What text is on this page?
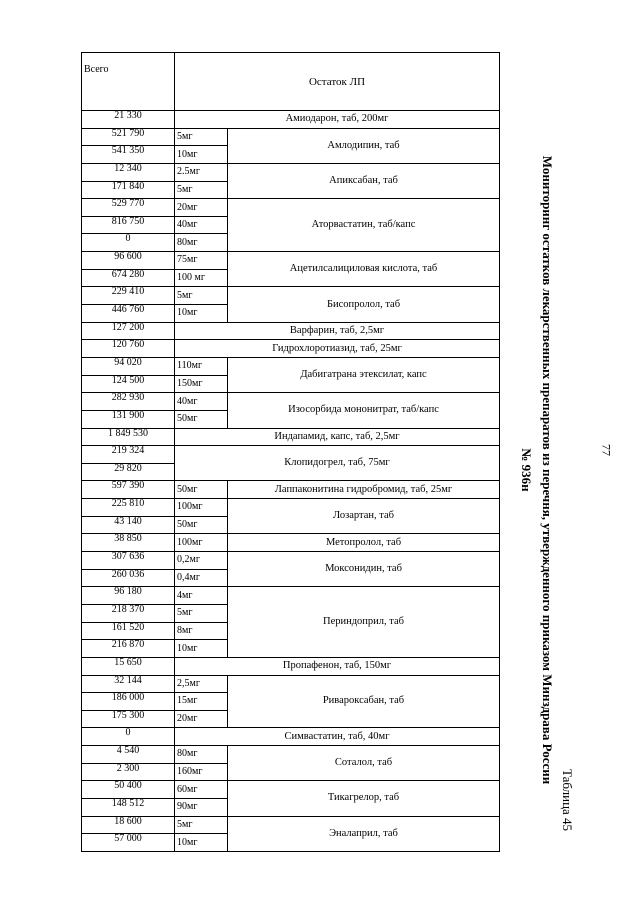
Всего	Остаток ЛП	
21 330	Амиодарон, таб, 200мг	
521 790	5мг	Амлодипин, таб
541 350	10мг	
12 340	2.5мг	Апиксабан, таб
171 840	5мг	
529 770	20мг	Аторвастатин, таб/капс
816 750	40мг	
0	80мг	
96 600	75мг	Ацетилсалициловая кислота, таб
674 280	100 мг	
229 410	5мг	Бисопролол, таб
446 760	10мг	
127 200	Варфарин, таб, 2,5мг	
120 760	Гидрохлоротиазид, таб, 25мг	
94 020	110мг	Дабигатрана этексилат, капс
124 500	150мг	
282 930	40мг	Изосорбида мононитрат, таб/капс
131 900	50мг	
1 849 530	Индапамид, капс, таб, 2,5мг	
219 324	Клопидогрел, таб, 75мг	
29 820		
597 390	50мг	Лаппаконитина гидробромид, таб, 25мг
225 810	100мг	Лозартан, таб
43 140	50мг	
38 850	100мг	Метопролол, таб
307 636	0,2мг	Моксонидин, таб
260 036	0,4мг	
96 180	4мг	Периндоприл, таб
218 370	5мг	
161 520	8мг	
216 870	10мг	
15 650	Пропафенон, таб, 150мг	
32 144	2,5мг	Ривароксабан, таб
186 000	15мг	
175 300	20мг	
0	Симвастатин, таб, 40мг	
4 540	80мг	Соталол, таб
2 300	160мг	
50 400	60мг	Тикагрелор, таб
148 512	90мг	
18 600	5мг	Эналаприл, таб
57 000	10мг	
77
Таблица 45
Мониторинг остатков лекарственных препаратов из перечня, утвержденного приказом Минздрава России
№ 936н
